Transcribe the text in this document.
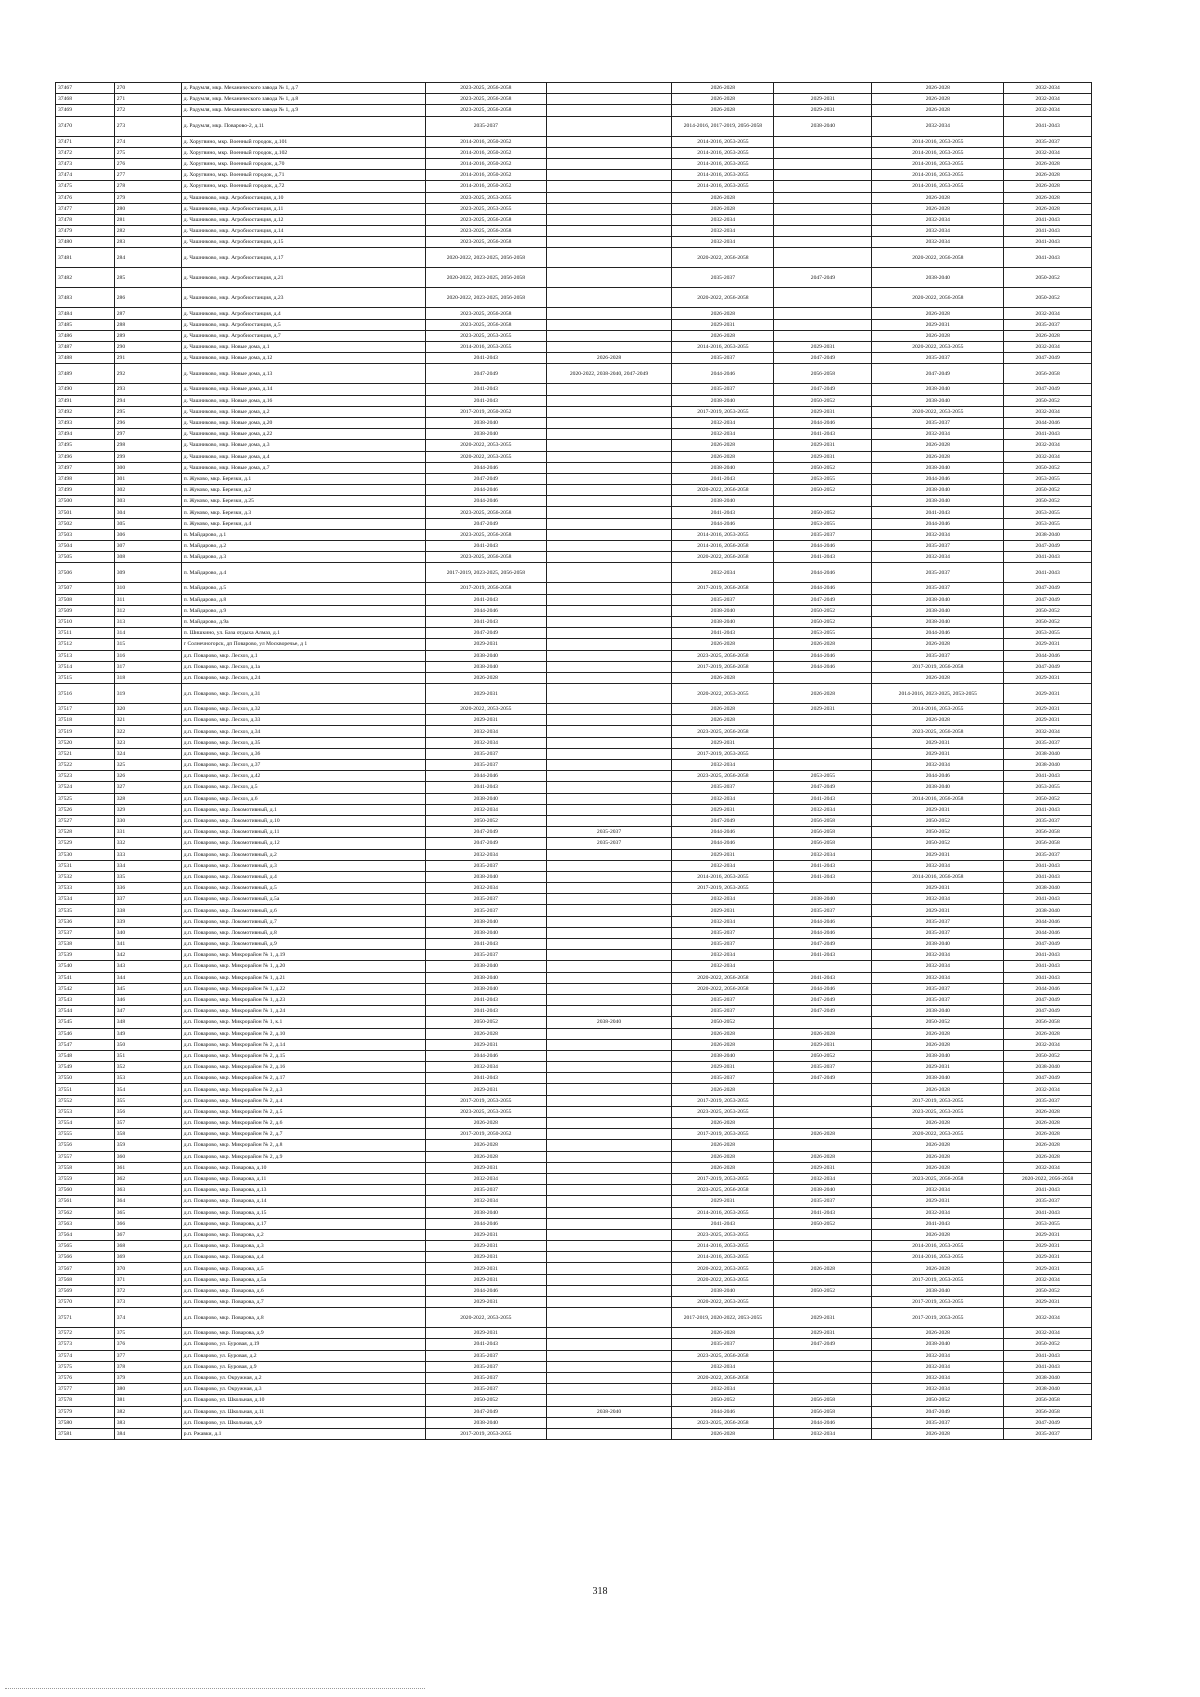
37467	270	д. Радумля, мкр. Механического завода № 1, д.7	2023-2025, 2056-2058		2026-2028		2026-2028	2032-2034
37468	271	д. Радумля, мкр. Механического завода № 1, д.8	2023-2025, 2056-2058		2026-2028	2029-2031	2026-2028	2032-2034
37469	272	д. Радумля, мкр. Механического завода № 1, д.9	2023-2025, 2056-2058		2026-2028	2029-2031	2026-2028	2032-2034
37470	273	д. Радумля, мкр. Поварово-2, д.11	2035-2037		2014-2016, 2017-2019, 2056-2058	2038-2040	2032-2034	2041-2043
37471	274	д. Хоругвино, мкр. Военный городок, д.101	2014-2016, 2050-2052		2014-2016, 2053-2055		2014-2016, 2053-2055	2035-2037
37472	275	д. Хоругвино, мкр. Военный городок, д.102	2014-2016, 2050-2052		2014-2016, 2053-2055		2014-2016, 2053-2055	2032-2034
37473	276	д. Хоругвино, мкр. Военный городок, д.70	2014-2016, 2050-2052		2014-2016, 2053-2055		2014-2016, 2053-2055	2026-2028
37474	277	д. Хоругвино, мкр. Военный городок, д.71	2014-2016, 2050-2052		2014-2016, 2053-2055		2014-2016, 2053-2055	2026-2028
37475	278	д. Хоругвино, мкр. Военный городок, д.72	2014-2016, 2050-2052		2014-2016, 2053-2055		2014-2016, 2053-2055	2026-2028
37476	279	д. Чашниково, мкр. Агробиостанция, д.10	2023-2025, 2053-2055		2026-2028		2026-2028	2026-2028
37477	280	д. Чашниково, мкр. Агробиостанция, д.11	2023-2025, 2053-2055		2026-2028		2026-2028	2026-2028
37478	281	д. Чашниково, мкр. Агробиостанция, д.12	2023-2025, 2056-2058		2032-2034		2032-2034	2041-2043
37479	282	д. Чашниково, мкр. Агробиостанция, д.14	2023-2025, 2056-2058		2032-2034		2032-2034	2041-2043
37480	283	д. Чашниково, мкр. Агробиостанция, д.15	2023-2025, 2056-2058		2032-2034		2032-2034	2041-2043
37481	284	д. Чашниково, мкр. Агробиостанция, д.17	2020-2022, 2023-2025, 2056-2058		2020-2022, 2056-2058		2020-2022, 2056-2058	2041-2043
37482	285	д. Чашниково, мкр. Агробиостанция, д.21	2020-2022, 2023-2025, 2056-2058		2035-2037	2047-2049	2038-2040	2050-2052
37483	286	д. Чашниково, мкр. Агробиостанция, д.23	2020-2022, 2023-2025, 2056-2058		2020-2022, 2056-2058		2020-2022, 2056-2058	2050-2052
37484	287	д. Чашниково, мкр. Агробиостанция, д.4	2023-2025, 2056-2058		2026-2028		2026-2028	2032-2034
37485	288	д. Чашниково, мкр. Агробиостанция, д.5	2023-2025, 2056-2058		2029-2031		2029-2031	2035-2037
37486	289	д. Чашниково, мкр. Агробиостанция, д.7	2023-2025, 2053-2055		2026-2028		2026-2028	2026-2028
37487	290	д. Чашниково, мкр. Новые дома, д.1	2014-2016, 2053-2055		2014-2016, 2053-2055	2029-2031	2020-2022, 2053-2055	2032-2034
37488	291	д. Чашниково, мкр. Новые дома, д.12	2041-2043	2026-2028	2035-2037	2047-2049	2035-2037	2047-2049
37489	292	д. Чашниково, мкр. Новые дома, д.13	2047-2049	2020-2022, 2038-2040, 2047-2049	2044-2046	2056-2058	2047-2049	2056-2058
37490	293	д. Чашниково, мкр. Новые дома, д.14	2041-2043		2035-2037	2047-2049	2038-2040	2047-2049
37491	294	д. Чашниково, мкр. Новые дома, д.16	2041-2043		2038-2040	2050-2052	2038-2040	2050-2052
37492	295	д. Чашниково, мкр. Новые дома, д.2	2017-2019, 2050-2052		2017-2019, 2053-2055	2029-2031	2020-2022, 2053-2055	2032-2034
37493	296	д. Чашниково, мкр. Новые дома, д.20	2038-2040		2032-2034	2044-2046	2035-2037	2044-2046
37494	297	д. Чашниково, мкр. Новые дома, д.22	2038-2040		2032-2034	2041-2043	2032-2034	2041-2043
37495	298	д. Чашниково, мкр. Новые дома, д.3	2020-2022, 2053-2055		2026-2028	2029-2031	2026-2028	2032-2034
37496	299	д. Чашниково, мкр. Новые дома, д.4	2020-2022, 2053-2055		2026-2028	2029-2031	2026-2028	2032-2034
37497	300	д. Чашниково, мкр. Новые дома, д.7	2044-2046		2038-2040	2050-2052	2038-2040	2050-2052
37498	301	п. Жуково, мкр. Березки, д.1	2047-2049		2041-2043	2053-2055	2044-2046	2053-2055
37499	302	п. Жуково, мкр. Березки, д.2	2044-2046		2020-2022, 2056-2058	2050-2052	2038-2040	2050-2052
37500	303	п. Жуково, мкр. Березки, д.25	2044-2046		2038-2040		2038-2040	2050-2052
37501	304	п. Жуково, мкр. Березки, д.3	2023-2025, 2056-2058		2041-2043	2050-2052	2041-2043	2053-2055
37502	305	п. Жуково, мкр. Березки, д.4	2047-2049		2044-2046	2053-2055	2044-2046	2053-2055
37503	306	п. Майдарово, д.1	2023-2025, 2056-2058		2014-2016, 2053-2055	2035-2037	2032-2034	2038-2040
37504	307	п. Майдарово, д.2	2041-2043		2014-2016, 2056-2058	2044-2046	2035-2037	2047-2049
37505	308	п. Майдарово, д.3	2023-2025, 2056-2058		2020-2022, 2056-2058	2041-2043	2032-2034	2041-2043
37506	309	п. Майдарово, д.4	2017-2019, 2023-2025, 2056-2058		2032-2034	2044-2046	2035-2037	2041-2043
37507	310	п. Майдарово, д.5	2017-2019, 2056-2058		2017-2019, 2056-2058	2044-2046	2035-2037	2047-2049
37508	311	п. Майдарово, д.8	2041-2043		2035-2037	2047-2049	2038-2040	2047-2049
37509	312	п. Майдарово, д.9	2044-2046		2038-2040	2050-2052	2038-2040	2050-2052
37510	313	п. Майдарово, д.9а	2041-2043		2038-2040	2050-2052	2038-2040	2050-2052
37511	314	п. Шишкино, ул. База отдыха Алмаз, д.1	2047-2049		2041-2043	2053-2055	2044-2046	2053-2055
37512	315	г Солнечногорск, дп Поварово, ул Москворечье, д 1	2029-2031		2026-2028	2026-2028	2026-2028	2029-2031
37513	316	д.п. Поварово, мкр. Лесхоз, д.1	2038-2040		2023-2025, 2056-2058	2044-2046	2035-2037	2044-2046
37514	317	д.п. Поварово, мкр. Лесхоз, д.1а	2038-2040		2017-2019, 2056-2058	2044-2046	2017-2019, 2056-2058	2047-2049
37515	318	д.п. Поварово, мкр. Лесхоз, д.24	2026-2028		2026-2028		2026-2028	2029-2031
37516	319	д.п. Поварово, мкр. Лесхоз, д.31	2029-2031		2020-2022, 2053-2055	2026-2028	2014-2016, 2023-2025, 2053-2055	2029-2031
37517	320	д.п. Поварово, мкр. Лесхоз, д.32	2020-2022, 2053-2055		2026-2028	2029-2031	2014-2016, 2053-2055	2029-2031
37518	321	д.п. Поварово, мкр. Лесхоз, д.33	2029-2031		2026-2028		2026-2028	2029-2031
37519	322	д.п. Поварово, мкр. Лесхоз, д.34	2032-2034		2023-2025, 2056-2058		2023-2025, 2056-2058	2032-2034
37520	323	д.п. Поварово, мкр. Лесхоз, д.35	2032-2034		2029-2031		2029-2031	2035-2037
37521	324	д.п. Поварово, мкр. Лесхоз, д.36	2035-2037		2017-2019, 2053-2055		2029-2031	2038-2040
37522	325	д.п. Поварово, мкр. Лесхоз, д.37	2035-2037		2032-2034		2032-2034	2038-2040
37523	326	д.п. Поварово, мкр. Лесхоз, д.42	2044-2046		2023-2025, 2056-2058	2053-2055	2044-2046	2041-2043
37524	327	д.п. Поварово, мкр. Лесхоз, д.5	2041-2043		2035-2037	2047-2049	2038-2040	2053-2055
37525	328	д.п. Поварово, мкр. Лесхоз, д.6	2038-2040		2032-2034	2041-2043	2014-2016, 2056-2058	2050-2052
37526	329	д.п. Поварово, мкр. Локомотивный, д.1	2032-2034		2029-2031	2032-2034	2029-2031	2041-2043
37527	330	д.п. Поварово, мкр. Локомотивный, д.10	2050-2052		2047-2049	2056-2058	2050-2052	2035-2037
37528	331	д.п. Поварово, мкр. Локомотивный, д.11	2047-2049	2035-2037	2044-2046	2056-2058	2050-2052	2056-2058
37529	332	д.п. Поварово, мкр. Локомотивный, д.12	2047-2049	2035-2037	2044-2046	2056-2058	2050-2052	2056-2058
37530	333	д.п. Поварово, мкр. Локомотивный, д.2	2032-2034		2029-2031	2032-2034	2029-2031	2035-2037
37531	334	д.п. Поварово, мкр. Локомотивный, д.3	2035-2037		2032-2034	2041-2043	2032-2034	2041-2043
37532	335	д.п. Поварово, мкр. Локомотивный, д.4	2038-2040		2014-2016, 2053-2055	2041-2043	2014-2016, 2056-2058	2041-2043
37533	336	д.п. Поварово, мкр. Локомотивный, д.5	2032-2034		2017-2019, 2053-2055		2029-2031	2038-2040
37534	337	д.п. Поварово, мкр. Локомотивный, д.5а	2035-2037		2032-2034	2038-2040	2032-2034	2041-2043
37535	338	д.п. Поварово, мкр. Локомотивный, д.6	2035-2037		2029-2031	2035-2037	2029-2031	2038-2040
37536	339	д.п. Поварово, мкр. Локомотивный, д.7	2038-2040		2032-2034	2044-2046	2035-2037	2044-2046
37537	340	д.п. Поварово, мкр. Локомотивный, д.8	2038-2040		2035-2037	2044-2046	2035-2037	2044-2046
37538	341	д.п. Поварово, мкр. Локомотивный, д.9	2041-2043		2035-2037	2047-2049	2038-2040	2047-2049
37539	342	д.п. Поварово, мкр. Микрорайон № 1, д.19	2035-2037		2032-2034	2041-2043	2032-2034	2041-2043
37540	343	д.п. Поварово, мкр. Микрорайон № 1, д.20	2038-2040		2032-2034		2032-2034	2041-2043
37541	344	д.п. Поварово, мкр. Микрорайон № 1, д.21	2038-2040		2020-2022, 2056-2058	2041-2043	2032-2034	2041-2043
37542	345	д.п. Поварово, мкр. Микрорайон № 1, д.22	2038-2040		2020-2022, 2056-2058	2044-2046	2035-2037	2044-2046
37543	346	д.п. Поварово, мкр. Микрорайон № 1, д.23	2041-2043		2035-2037	2047-2049	2035-2037	2047-2049
37544	347	д.п. Поварово, мкр. Микрорайон № 1, д.24	2041-2043		2035-2037	2047-2049	2038-2040	2047-2049
37545	348	д.п. Поварово, мкр. Микрорайон № 1, к.1	2050-2052	2038-2040	2050-2052		2050-2052	2056-2058
37546	349	д.п. Поварово, мкр. Микрорайон № 2, д.10	2026-2028		2026-2028	2026-2028	2026-2028	2026-2028
37547	350	д.п. Поварово, мкр. Микрорайон № 2, д.14	2029-2031		2026-2028	2029-2031	2026-2028	2032-2034
37548	351	д.п. Поварово, мкр. Микрорайон № 2, д.15	2044-2046		2038-2040	2050-2052	2038-2040	2050-2052
37549	352	д.п. Поварово, мкр. Микрорайон № 2, д.16	2032-2034		2029-2031	2035-2037	2029-2031	2038-2040
37550	353	д.п. Поварово, мкр. Микрорайон № 2, д.17	2041-2043		2035-2037	2047-2049	2038-2040	2047-2049
37551	354	д.п. Поварово, мкр. Микрорайон № 2, д.3	2029-2031		2026-2028		2026-2028	2032-2034
37552	355	д.п. Поварово, мкр. Микрорайон № 2, д.4	2017-2019, 2053-2055		2017-2019, 2053-2055		2017-2019, 2053-2055	2035-2037
37553	356	д.п. Поварово, мкр. Микрорайон № 2, д.5	2023-2025, 2053-2055		2023-2025, 2053-2055		2023-2025, 2053-2055	2026-2028
37554	357	д.п. Поварово, мкр. Микрорайон № 2, д.6	2026-2028		2026-2028		2026-2028	2026-2028
37555	358	д.п. Поварово, мкр. Микрорайон № 2, д.7	2017-2019, 2050-2052		2017-2019, 2053-2055	2026-2028	2020-2022, 2053-2055	2026-2028
37556	359	д.п. Поварово, мкр. Микрорайон № 2, д.8	2026-2028		2026-2028		2026-2028	2026-2028
37557	360	д.п. Поварово, мкр. Микрорайон № 2, д.9	2026-2028		2026-2028	2026-2028	2026-2028	2026-2028
37558	361	д.п. Поварово, мкр. Поварова, д.10	2029-2031		2026-2028	2029-2031	2026-2028	2032-2034
37559	362	д.п. Поварово, мкр. Поварова, д.11	2032-2034		2017-2019, 2053-2055	2032-2034	2023-2025, 2056-2058	2020-2022, 2056-2058
37560	363	д.п. Поварово, мкр. Поварова, д.13	2035-2037		2023-2025, 2056-2058	2038-2040	2032-2034	2041-2043
37561	364	д.п. Поварово, мкр. Поварова, д.14	2032-2034		2029-2031	2035-2037	2029-2031	2035-2037
37562	365	д.п. Поварово, мкр. Поварова, д.15	2038-2040		2014-2016, 2053-2055	2041-2043	2032-2034	2041-2043
37563	366	д.п. Поварово, мкр. Поварова, д.17	2044-2046		2041-2043	2050-2052	2041-2043	2053-2055
37564	367	д.п. Поварово, мкр. Поварова, д.2	2029-2031		2023-2025, 2053-2055		2026-2028	2029-2031
37565	368	д.п. Поварово, мкр. Поварова, д.3	2029-2031		2014-2016, 2053-2055		2014-2016, 2053-2055	2029-2031
37566	369	д.п. Поварово, мкр. Поварова, д.4	2029-2031		2014-2016, 2053-2055		2014-2016, 2053-2055	2029-2031
37567	370	д.п. Поварово, мкр. Поварова, д.5	2029-2031		2020-2022, 2053-2055	2026-2028	2026-2028	2029-2031
37568	371	д.п. Поварово, мкр. Поварова, д.5а	2029-2031		2020-2022, 2053-2055		2017-2019, 2053-2055	2032-2034
37569	372	д.п. Поварово, мкр. Поварова, д.6	2044-2046		2038-2040	2050-2052	2038-2040	2050-2052
37570	373	д.п. Поварово, мкр. Поварова, д.7	2029-2031		2020-2022, 2053-2055		2017-2019, 2053-2055	2029-2031
37571	374	д.п. Поварово, мкр. Поварова, д.8	2020-2022, 2053-2055		2017-2019, 2020-2022, 2053-2055	2029-2031	2017-2019, 2053-2055	2032-2034
37572	375	д.п. Поварово, мкр. Поварова, д.9	2029-2031		2026-2028	2029-2031	2026-2028	2032-2034
37573	376	д.п. Поварово, ул. Буровая, д.19	2041-2043		2035-2037	2047-2049	2038-2040	2050-2052
37574	377	д.п. Поварово, ул. Буровая, д.2	2035-2037		2023-2025, 2056-2058		2032-2034	2041-2043
37575	378	д.п. Поварово, ул. Буровая, д.9	2035-2037		2032-2034		2032-2034	2041-2043
37576	379	д.п. Поварово, ул. Окружная, д.2	2035-2037		2020-2022, 2056-2058		2032-2034	2038-2040
37577	380	д.п. Поварово, ул. Окружная, д.3	2035-2037		2032-2034		2032-2034	2038-2040
37578	381	д.п. Поварово, ул. Школьная, д.10	2050-2052		2050-2052	2056-2058	2050-2052	2056-2058
37579	382	д.п. Поварово, ул. Школьная, д.11	2047-2049	2038-2040	2044-2046	2056-2058	2047-2049	2056-2058
37580	383	д.п. Поварово, ул. Школьная, д.9	2038-2040		2023-2025, 2056-2058	2044-2046	2035-2037	2047-2049
37581	384	р.п. Ржавки, д.1	2017-2019, 2053-2055		2026-2028	2032-2034	2026-2028	2035-2037
318
